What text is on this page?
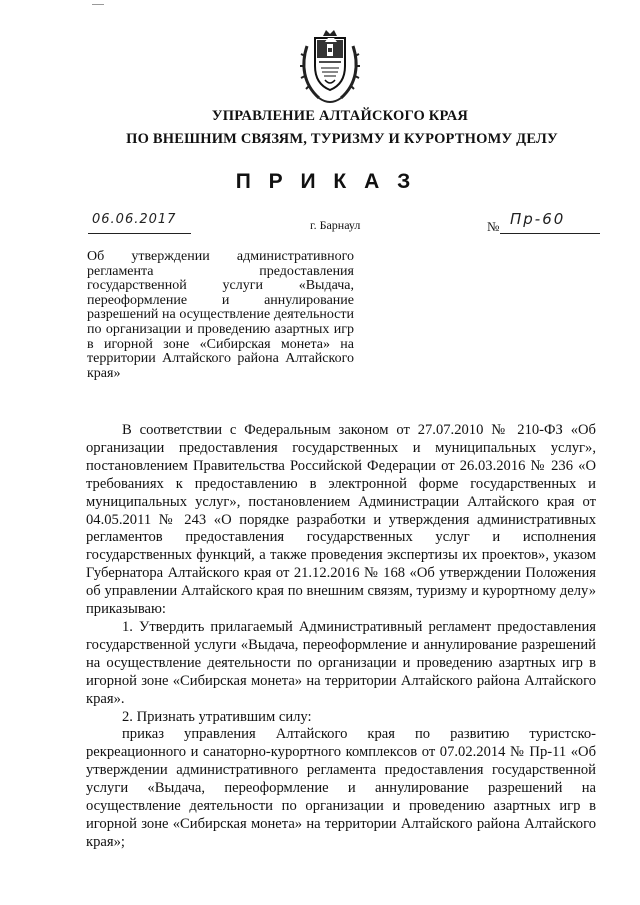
УПРАВЛЕНИЕ АЛТАЙСКОГО КРАЯ
ПО ВНЕШНИМ СВЯЗЯМ, ТУРИЗМУ И КУРОРТНОМУ ДЕЛУ
П Р И К А З
06.06.2017	г. Барнаул	№ Пр-60
Об утверждении административного регламента предоставления государственной услуги «Выдача, переоформление и аннулирование разрешений на осуществление деятельности по организации и проведению азартных игр в игорной зоне «Сибирская монета» на территории Алтайского района Алтайского края»

В соответствии с Федеральным законом от 27.07.2010 № 210-ФЗ «Об организации предоставления государственных и муниципальных услуг», постановлением Правительства Российской Федерации от 26.03.2016 № 236 «О требованиях к предоставлению в электронной форме государственных и муниципальных услуг», постановлением Администрации Алтайского края от 04.05.2011 № 243 «О порядке разработки и утверждения административных регламентов предоставления государственных услуг и исполнения государственных функций, а также проведения экспертизы их проектов», указом Губернатора Алтайского края от 21.12.2016 № 168 «Об утверждении Положения об управлении Алтайского края по внешним связям, туризму и курортному делу» приказываю:

1. Утвердить прилагаемый Административный регламент предоставления государственной услуги «Выдача, переоформление и аннулирование разрешений на осуществление деятельности по организации и проведению азартных игр в игорной зоне «Сибирская монета» на территории Алтайского района Алтайского края».

2. Признать утратившим силу:

приказ управления Алтайского края по развитию туристско-рекреационного и санаторно-курортного комплексов от 07.02.2014 № Пр-11 «Об утверждении административного регламента предоставления государственной услуги «Выдача, переоформление и аннулирование разрешений на осуществление деятельности по организации и проведению азартных игр в игорной зоне «Сибирская монета» на территории Алтайского района Алтайского края»;
